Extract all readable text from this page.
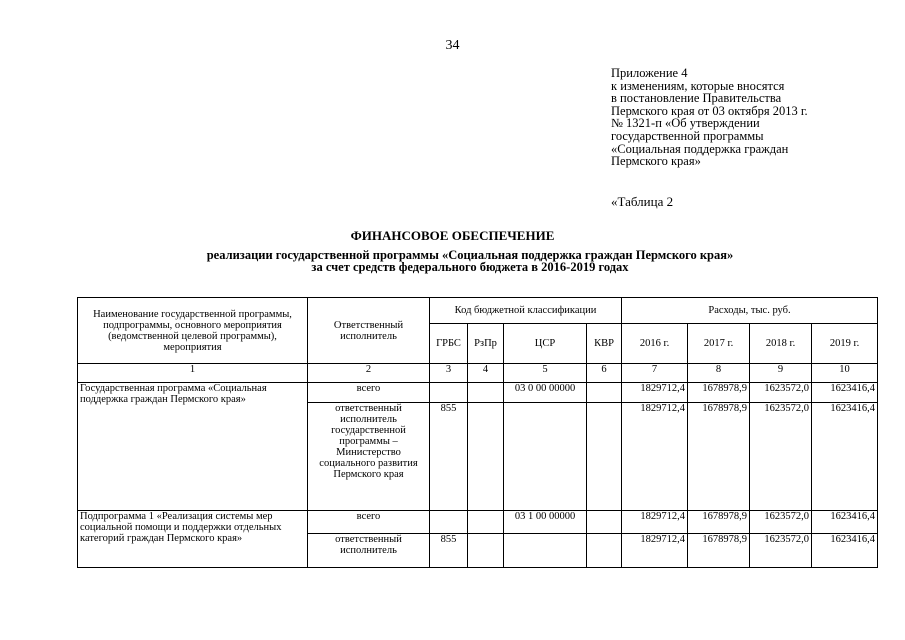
34
Приложение 4
к изменениям, которые вносятся
в постановление Правительства
Пермского края от 03 октября 2013 г.
№ 1321-п «Об утверждении
государственной программы
«Социальная поддержка граждан
Пермского края»
«Таблица 2
ФИНАНСОВОЕ ОБЕСПЕЧЕНИЕ
реализации государственной программы «Социальная поддержка граждан Пермского края»
за счет средств федерального бюджета в 2016-2019 годах
Наименование государственной программы, подпрограммы, основного мероприятия (ведомственной целевой программы), мероприятия	Ответственный исполнитель	Код бюджетной классификации				Расходы, тыс. руб.			
		ГРБС	РзПр	ЦСР	КВР	2016 г.	2017 г.	2018 г.	2019 г.
1	2	3	4	5	6	7	8	9	10
Государственная программа «Социальная поддержка граждан Пермского края»	всего			03 0 00 00000		1829712,4	1678978,9	1623572,0	1623416,4
	ответственный исполнитель государственной программы – Министерство социального развития Пермского края	855				1829712,4	1678978,9	1623572,0	1623416,4
Подпрограмма 1 «Реализация системы мер социальной помощи и поддержки отдельных категорий граждан Пермского края»	всего			03 1 00 00000		1829712,4	1678978,9	1623572,0	1623416,4
	ответственный исполнитель	855				1829712,4	1678978,9	1623572,0	1623416,4
